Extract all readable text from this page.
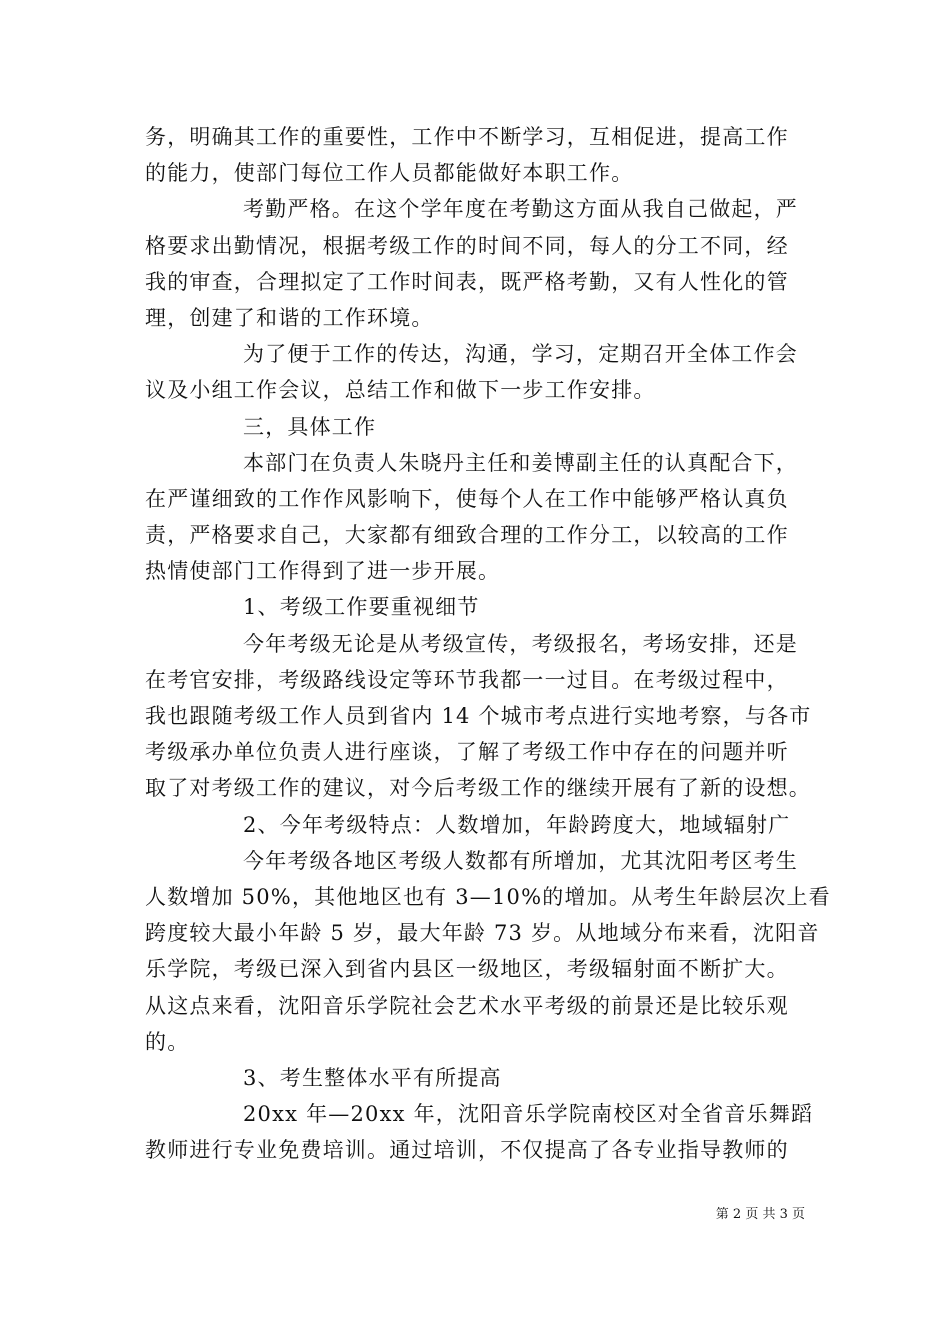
务，明确其工作的重要性，工作中不断学习，互相促进，提高工作
的能力，使部门每位工作人员都能做好本职工作。
考勤严格。在这个学年度在考勤这方面从我自己做起，严
格要求出勤情况，根据考级工作的时间不同，每人的分工不同，经
我的审查，合理拟定了工作时间表，既严格考勤，又有人性化的管
理，创建了和谐的工作环境。
为了便于工作的传达，沟通，学习，定期召开全体工作会
议及小组工作会议，总结工作和做下一步工作安排。
三，具体工作
本部门在负责人朱晓丹主任和姜博副主任的认真配合下，
在严谨细致的工作作风影响下，使每个人在工作中能够严格认真负
责，严格要求自己，大家都有细致合理的工作分工，以较高的工作
热情使部门工作得到了进一步开展。
1、考级工作要重视细节
今年考级无论是从考级宣传，考级报名，考场安排，还是
在考官安排，考级路线设定等环节我都一一过目。在考级过程中，
我也跟随考级工作人员到省内 14 个城市考点进行实地考察，与各市
考级承办单位负责人进行座谈，了解了考级工作中存在的问题并听
取了对考级工作的建议，对今后考级工作的继续开展有了新的设想。
2、今年考级特点：人数增加，年龄跨度大，地域辐射广
今年考级各地区考级人数都有所增加，尤其沈阳考区考生
人数增加 50%，其他地区也有 3—10%的增加。从考生年龄层次上看
跨度较大最小年龄 5 岁，最大年龄 73 岁。从地域分布来看，沈阳音
乐学院，考级已深入到省内县区一级地区，考级辐射面不断扩大。
从这点来看，沈阳音乐学院社会艺术水平考级的前景还是比较乐观
的。
3、考生整体水平有所提高
20xx 年—20xx 年，沈阳音乐学院南校区对全省音乐舞蹈
教师进行专业免费培训。通过培训，不仅提高了各专业指导教师的
第 2 页 共 3 页
